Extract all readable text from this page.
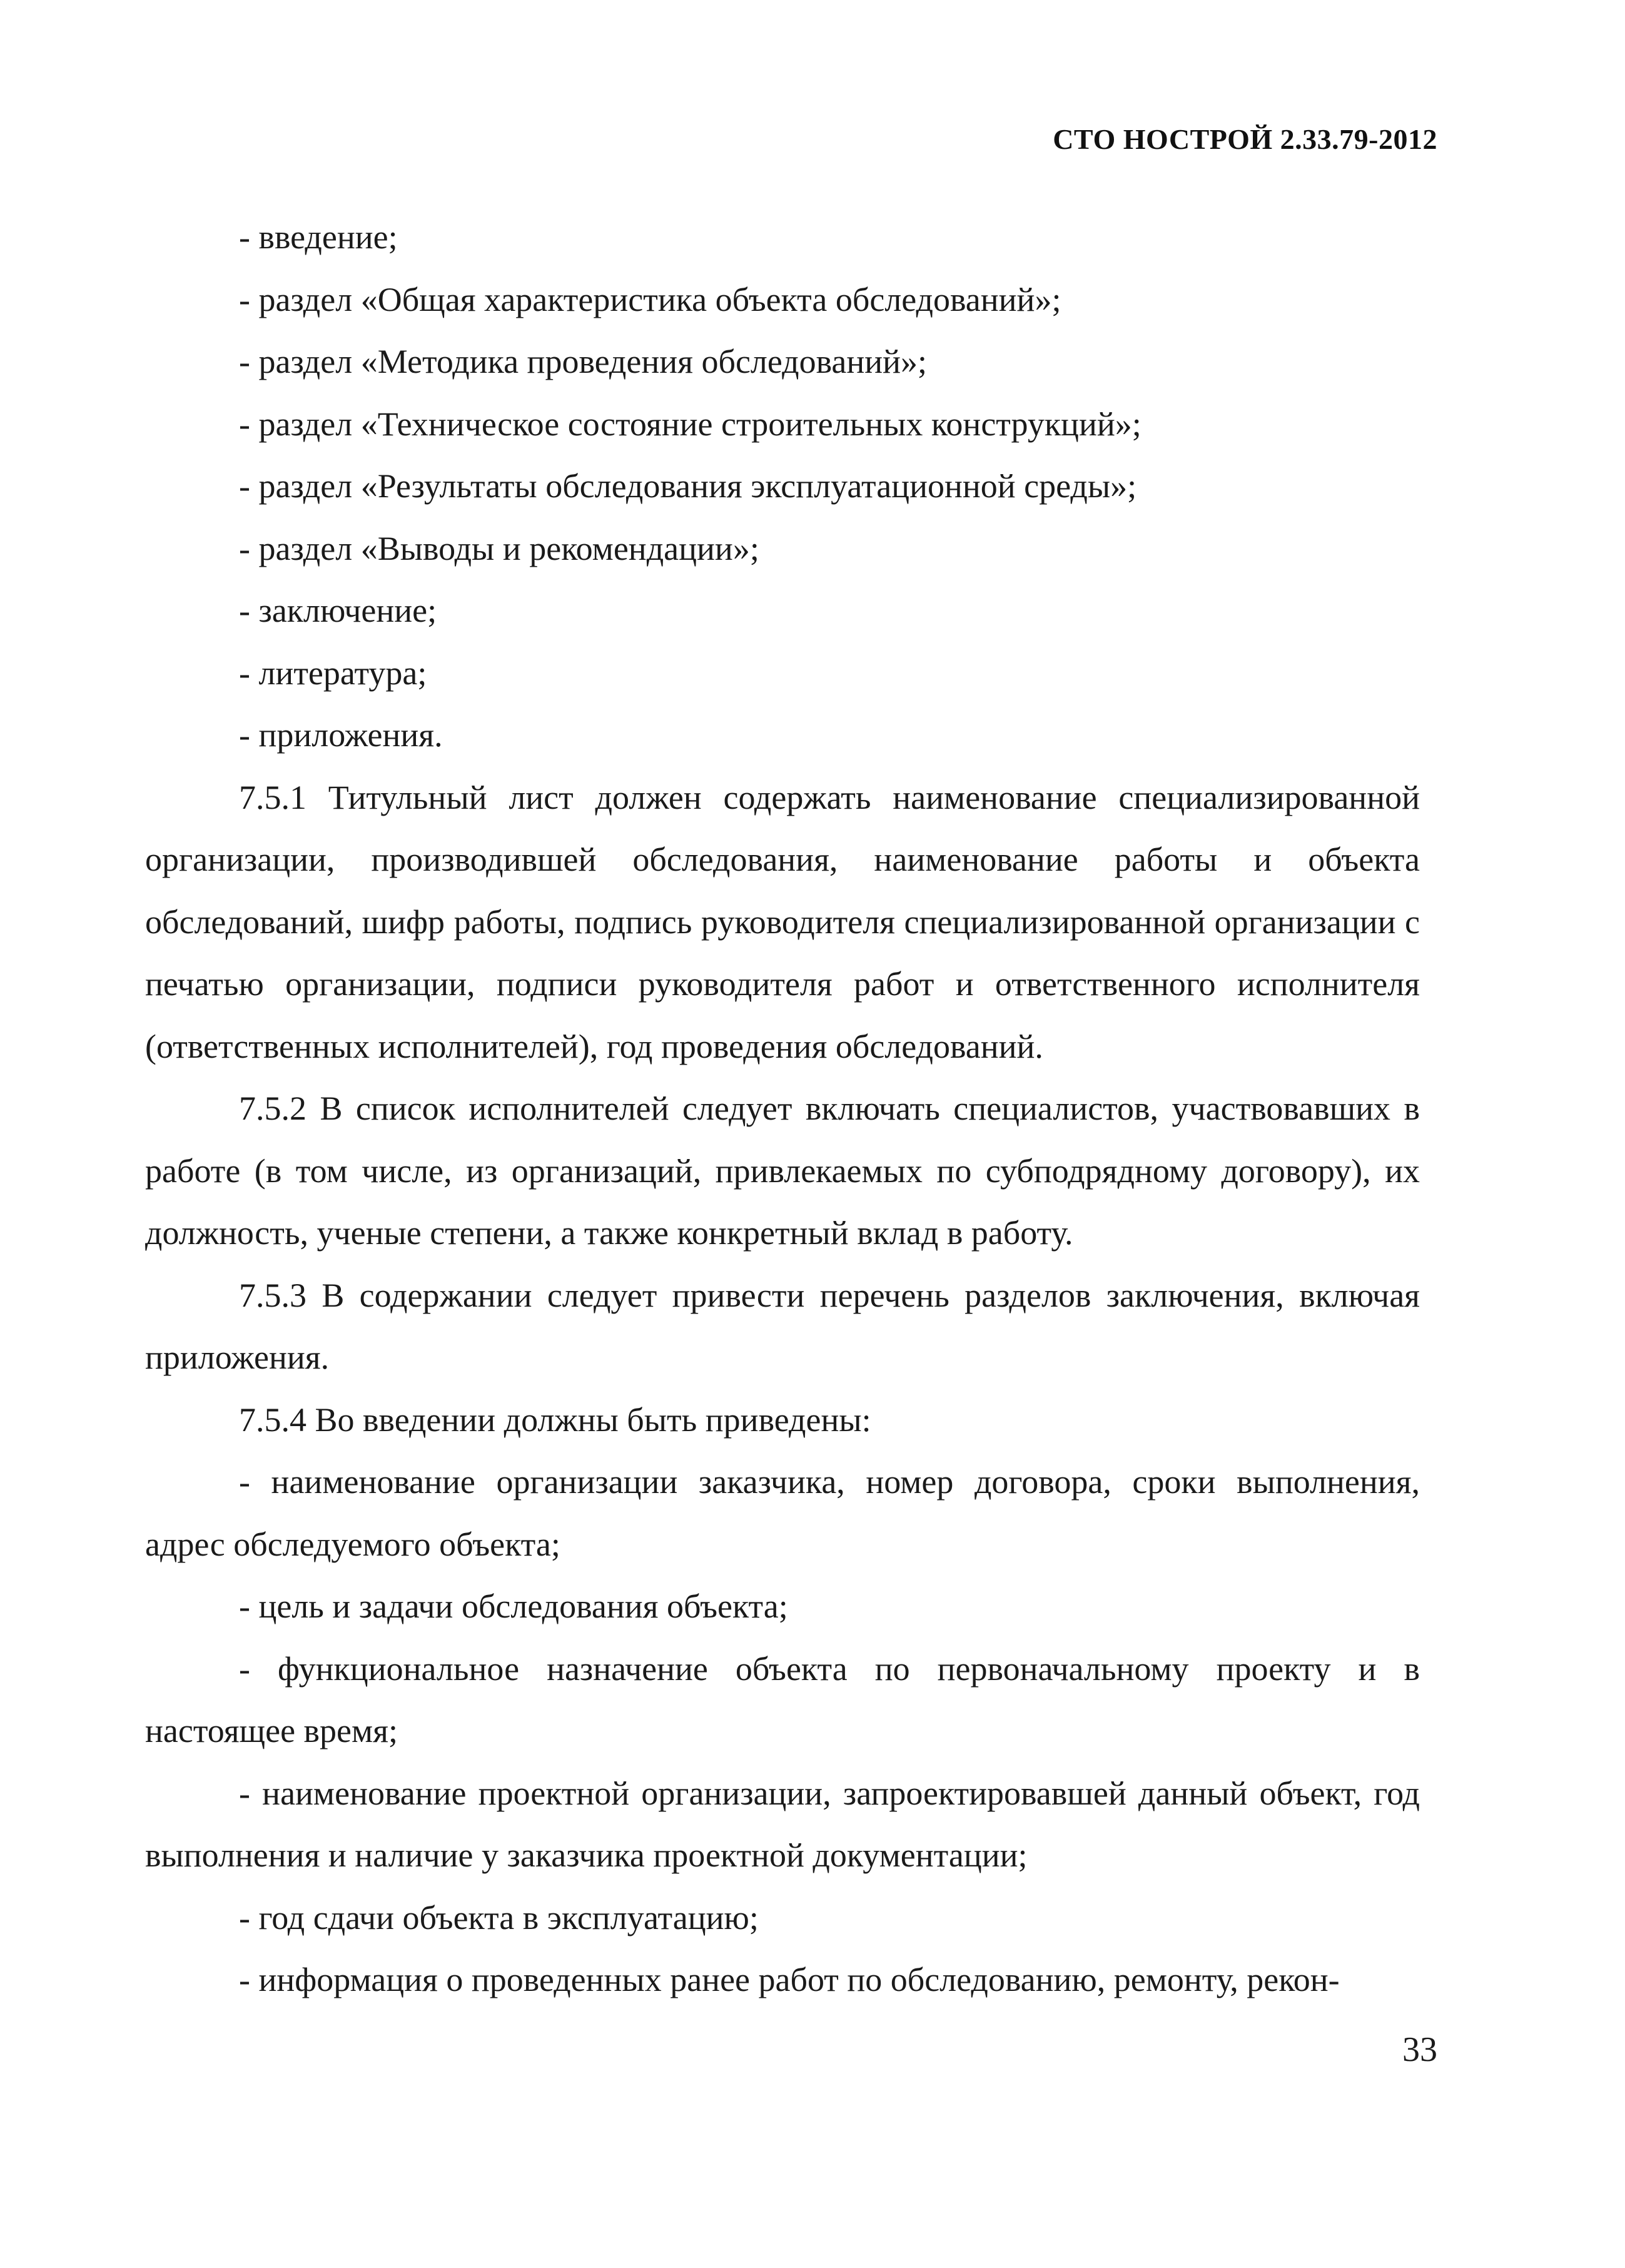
СТО НОСТРОЙ 2.33.79-2012

- введение;

- раздел «Общая характеристика объекта обследований»;

- раздел «Методика проведения обследований»;

- раздел «Техническое состояние строительных конструкций»;

- раздел «Результаты обследования эксплуатационной среды»;

- раздел «Выводы и рекомендации»;

- заключение;

- литература;

- приложения.

7.5.1 Титульный лист должен содержать наименование специализированной организации, производившей обследования, наименование работы и объекта обследований, шифр работы, подпись руководителя специализированной организации с печатью организации, подписи руководителя работ и ответственного исполнителя (ответственных исполнителей), год проведения обследований.

7.5.2 В список исполнителей следует включать специалистов, участвовавших в работе (в том числе, из организаций, привлекаемых по субподрядному договору), их должность, ученые степени, а также конкретный вклад в работу.

7.5.3 В содержании следует привести перечень разделов заключения, включая приложения.

7.5.4 Во введении должны быть приведены:

- наименование организации заказчика, номер договора, сроки выполнения, адрес обследуемого объекта;

- цель и задачи обследования объекта;

- функциональное назначение объекта по первоначальному проекту и в настоящее время;

- наименование проектной организации, запроектировавшей данный объект, год выполнения и наличие у заказчика проектной документации;

- год сдачи объекта в эксплуатацию;

- информация о проведенных ранее работ по обследованию, ремонту, рекон-

33
